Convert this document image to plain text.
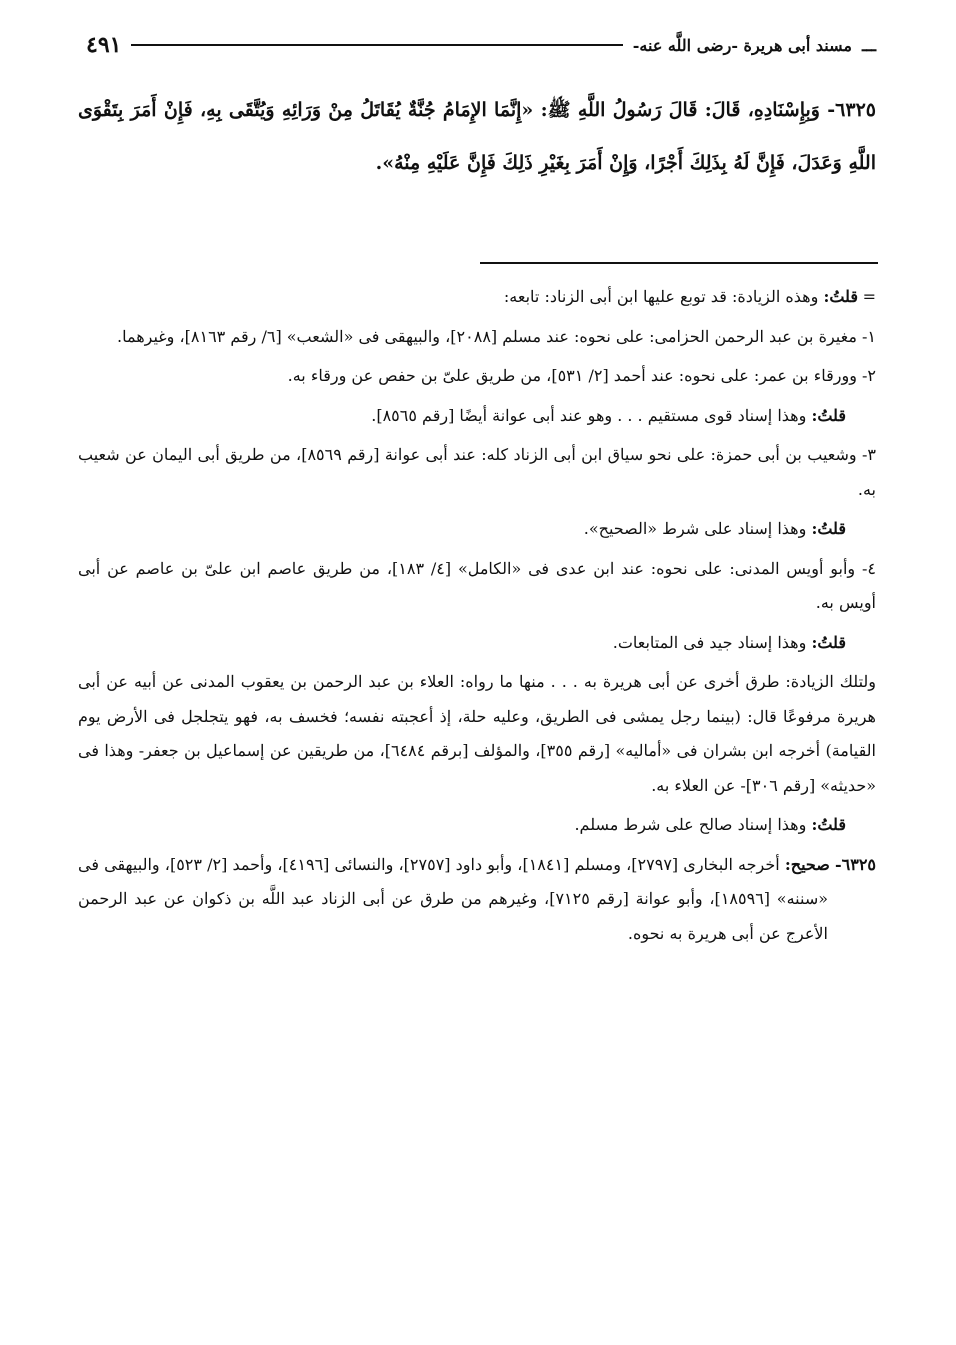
ـــ
مسند أبى هريرة -رضى اللَّه عنه-
٤٩١
٦٣٢٥- وَبِإِسْنَادِهِ، قَالَ: قَالَ رَسُولُ اللَّهِ ﷺ: «إِنَّمَا الإِمَامُ جُنَّةٌ يُقَاتَلُ مِنْ وَرَائِهِ وَيُتَّقَى بِهِ، فَإِنْ أَمَرَ بِتَقْوَى اللَّهِ وَعَدَلَ، فَإِنَّ لَهُ بِذَلِكَ أَجْرًا، وَإِنْ أَمَرَ بِغَيْرِ ذَلِكَ فَإِنَّ عَلَيْهِ مِنْهُ».

=قلتُ: وهذه الزيادة: قد توبع عليها ابن أبى الزناد: تابعه:

١- مغيرة بن عبد الرحمن الحزامى: على نحوه: عند مسلم [٢٠٨٨]، والبيهقى فى «الشعب» [٦/ رقم ٨١٦٣]، وغيرهما.

٢- وورقاء بن عمر: على نحوه: عند أحمد [٢/ ٥٣١]، من طريق علىّ بن حفص عن ورقاء به.

قلتُ: وهذا إسناد قوى مستقيم . . . وهو عند أبى عوانة أيضًا [رقم ٨٥٦٥].

٣- وشعيب بن أبى حمزة: على نحو سياق ابن أبى الزناد كله: عند أبى عوانة [رقم ٨٥٦٩]، من طريق أبى اليمان عن شعيب به.

قلتُ: وهذا إسناد على شرط «الصحيح».

٤- وأبو أويس المدنى: على نحوه: عند ابن عدى فى «الكامل» [٤/ ١٨٣]، من طريق عاصم ابن علىّ بن عاصم عن أبى أويس به.

قلتُ: وهذا إسناد جيد فى المتابعات.

ولتلك الزيادة: طرق أخرى عن أبى هريرة به . . . منها ما رواه: العلاء بن عبد الرحمن بن يعقوب المدنى عن أبيه عن أبى هريرة مرفوعًا قال: (بينما رجل يمشى فى الطريق، وعليه حلة، إذ أعجبته نفسه؛ فخسف به، فهو يتجلجل فى الأرض يوم القيامة) أخرجه ابن بشران فى «أماليه» [رقم ٣٥٥]، والمؤلف [برقم ٦٤٨٤]، من طريقين عن إسماعيل بن جعفر- وهذا فى «حديثه» [رقم ٣٠٦]- عن العلاء به.

قلتُ: وهذا إسناد صالح على شرط مسلم.

٦٣٢٥- صحيح: أخرجه البخارى [٢٧٩٧]، ومسلم [١٨٤١]، وأبو داود [٢٧٥٧]، والنسائى [٤١٩٦]، وأحمد [٢/ ٥٢٣]، والبيهقى فى «سننه» [١٨٥٩٦]، وأبو عوانة [رقم ٧١٢٥]، وغيرهم من طرق عن أبى الزناد عبد اللَّه بن ذكوان عن عبد الرحمن الأعرج عن أبى هريرة به نحوه.
